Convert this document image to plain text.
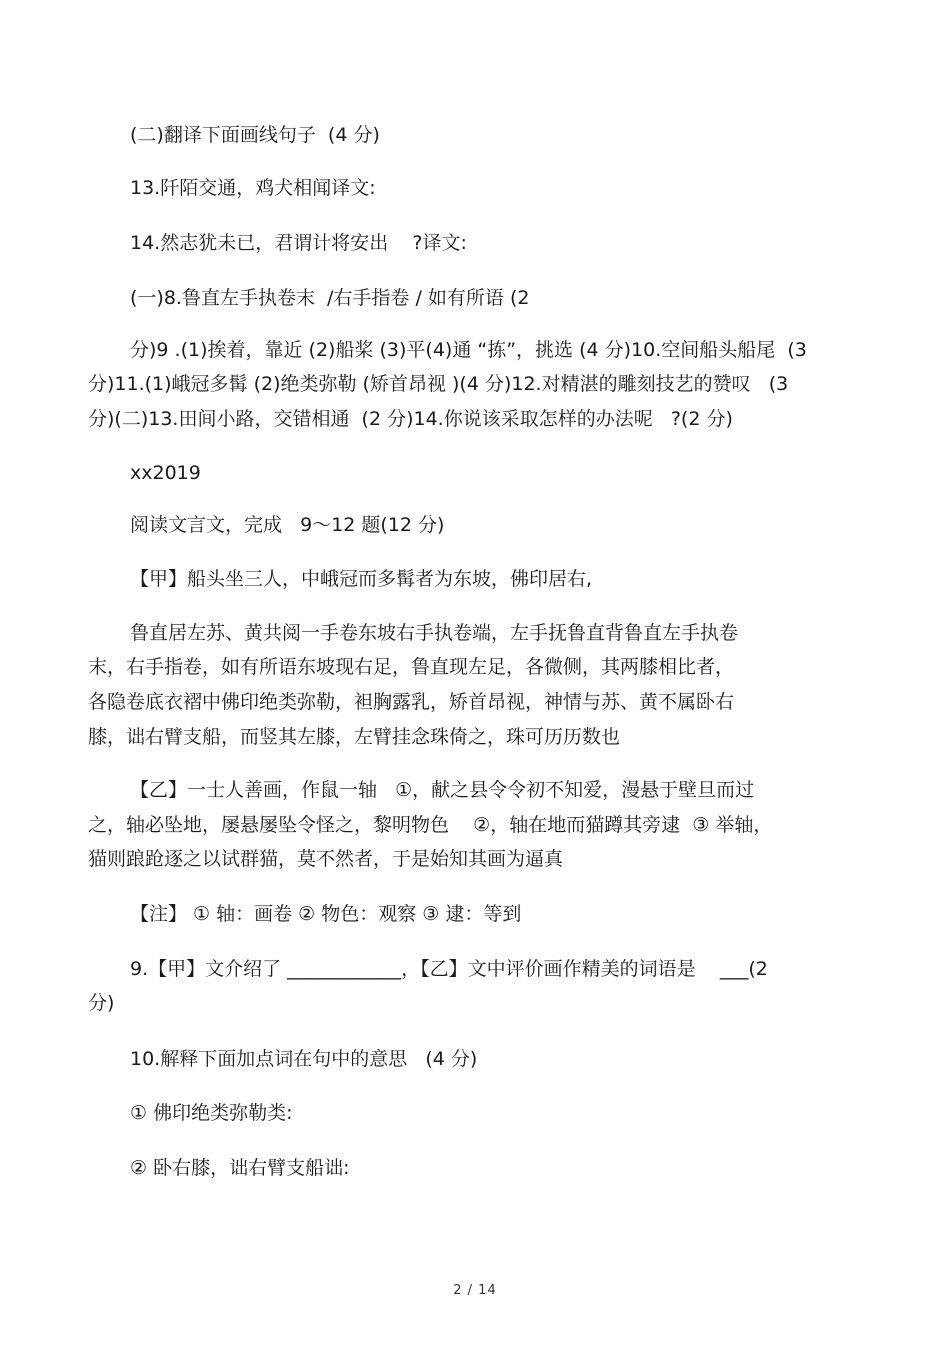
(二)翻译下面画线句子  (4 分)

13.阡陌交通，鸡犬相闻译文:

14.然志犹未已，君谓计将安出    ?译文:

(一)8.鲁直左手执卷末  /右手指卷 / 如有所语 (2

分)9 .(1)挨着，靠近 (2)船桨 (3)平(4)通 “拣”，挑选 (4 分)10.空间船头船尾  (3

分)11.(1)峨冠多髯 (2)绝类弥勒 (矫首昂视 )(4 分)12.对精湛的雕刻技艺的赞叹   (3

分)(二)13.田间小路，交错相通  (2 分)14.你说该采取怎样的办法呢   ?(2 分)

xx2019

阅读文言文，完成   9～12 题(12 分)

【甲】船头坐三人，中峨冠而多髯者为东坡，佛印居右,

鲁直居左苏、黄共阅一手卷东坡右手执卷端，左手抚鲁直背鲁直左手执卷

末，右手指卷，如有所语东坡现右足，鲁直现左足，各微侧，其两膝相比者，

各隐卷底衣褶中佛印绝类弥勒，袒胸露乳，矫首昂视，神情与苏、黄不属卧右

膝，诎右臂支船，而竖其左膝，左臂挂念珠倚之，珠可历历数也

【乙】一士人善画，作鼠一轴   ①，献之县令令初不知爱，漫悬于壁旦而过

之，轴必坠地，屡悬屡坠令怪之，黎明物色    ②，轴在地而猫蹲其旁逮  ③ 举轴，

猫则踉跄逐之以试群猫，莫不然者，于是始知其画为逼真

【注】 ① 轴：画卷 ② 物色：观察 ③ 逮：等到

9.【甲】文介绍了 ____________，【乙】文中评价画作精美的词语是    ___(2

分)

10.解释下面加点词在句中的意思   (4 分)

① 佛印绝类弥勒类:

② 卧右膝，诎右臂支船诎:

2 / 14
